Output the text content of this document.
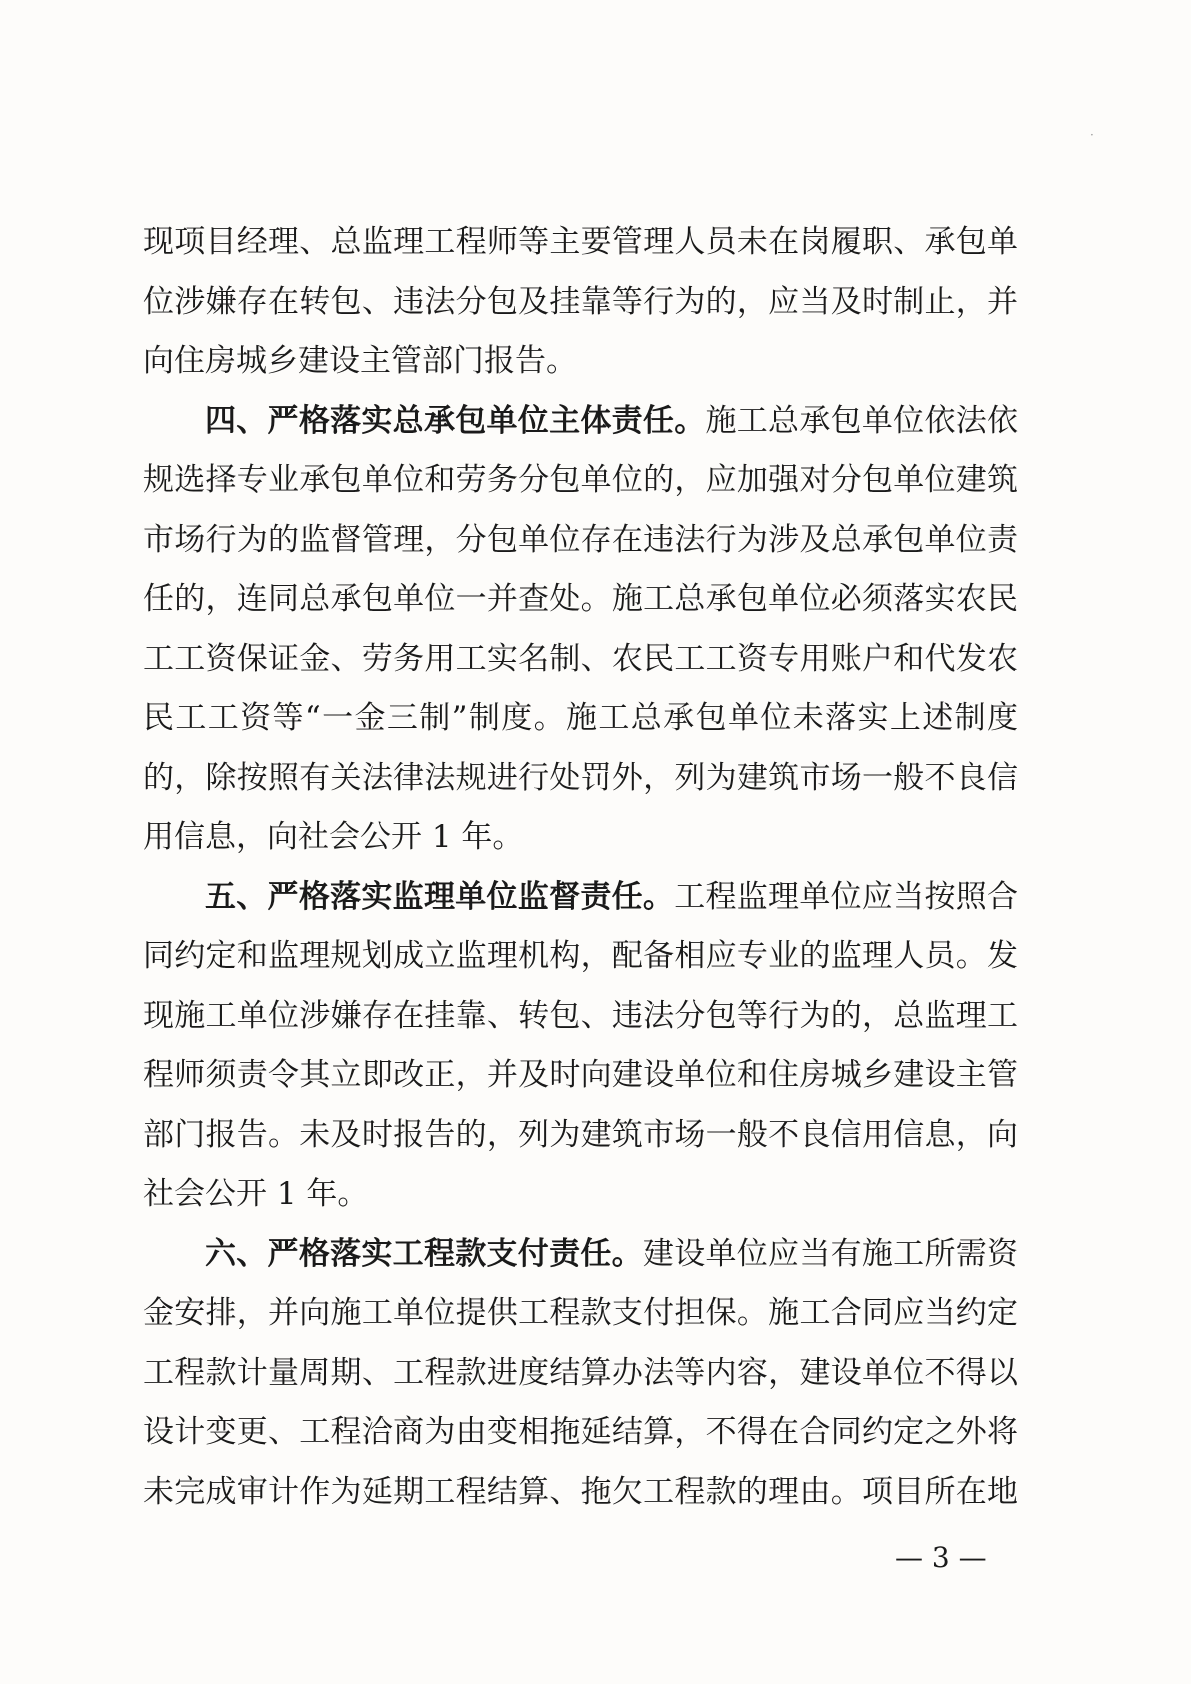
·
现项目经理、总监理工程师等主要管理人员未在岗履职、承包单
位涉嫌存在转包、违法分包及挂靠等行为的，应当及时制止，并
向住房城乡建设主管部门报告。
四、严格落实总承包单位主体责任。施工总承包单位依法依
规选择专业承包单位和劳务分包单位的，应加强对分包单位建筑
市场行为的监督管理，分包单位存在违法行为涉及总承包单位责
任的，连同总承包单位一并查处。施工总承包单位必须落实农民
工工资保证金、劳务用工实名制、农民工工资专用账户和代发农
民工工资等“一金三制”制度。施工总承包单位未落实上述制度
的，除按照有关法律法规进行处罚外，列为建筑市场一般不良信
用信息，向社会公开 1 年。
五、严格落实监理单位监督责任。工程监理单位应当按照合
同约定和监理规划成立监理机构，配备相应专业的监理人员。发
现施工单位涉嫌存在挂靠、转包、违法分包等行为的，总监理工
程师须责令其立即改正，并及时向建设单位和住房城乡建设主管
部门报告。未及时报告的，列为建筑市场一般不良信用信息，向
社会公开 1 年。
六、严格落实工程款支付责任。建设单位应当有施工所需资
金安排，并向施工单位提供工程款支付担保。施工合同应当约定
工程款计量周期、工程款进度结算办法等内容，建设单位不得以
设计变更、工程洽商为由变相拖延结算，不得在合同约定之外将
未完成审计作为延期工程结算、拖欠工程款的理由。项目所在地
— 3 —
